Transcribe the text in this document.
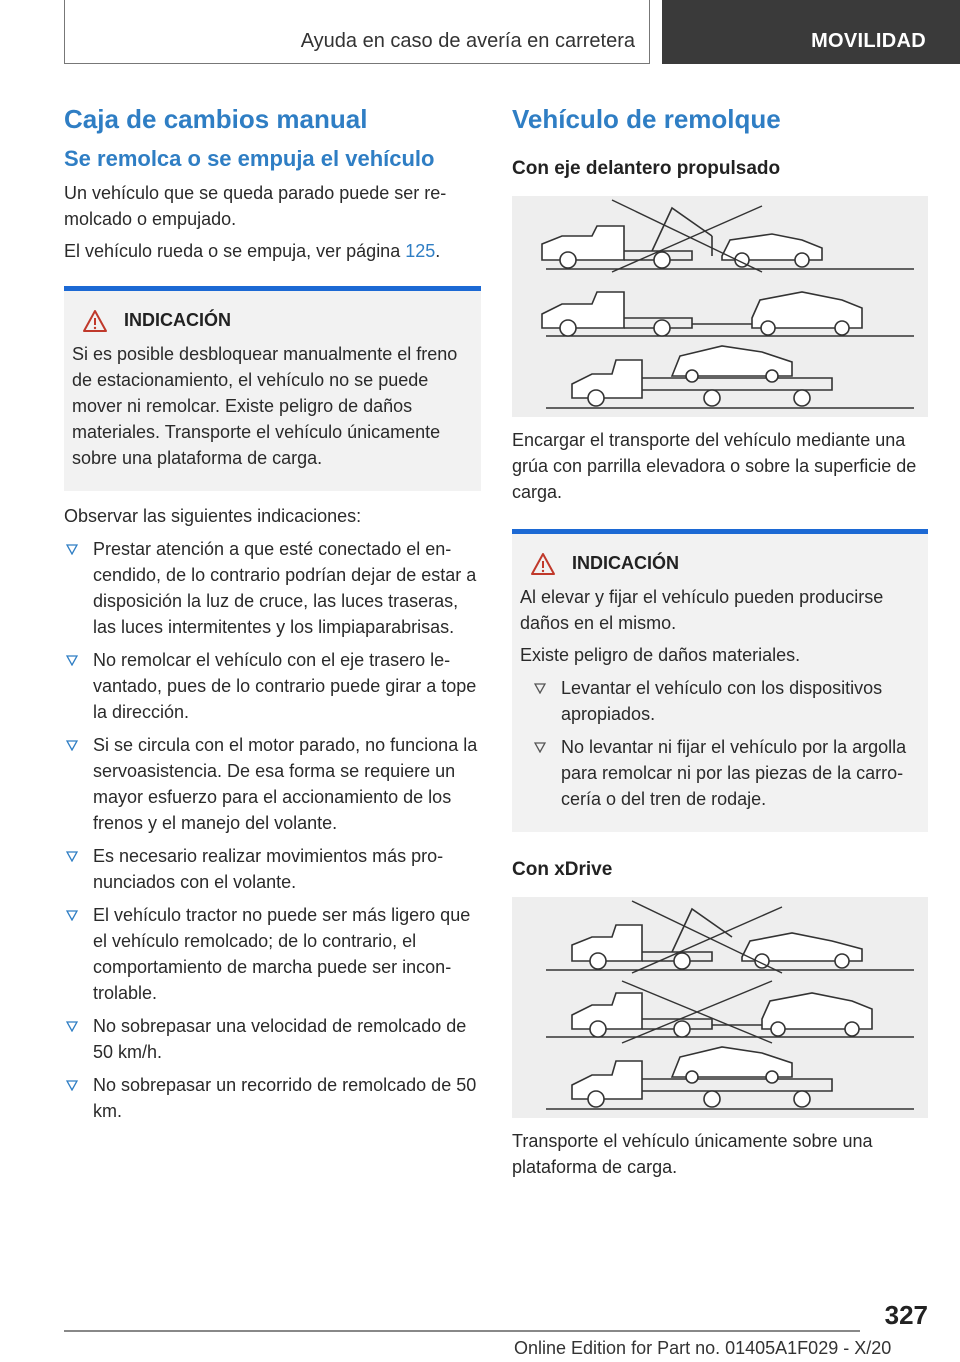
Ayuda en caso de avería en carretera	MOVILIDAD
Caja de cambios manual
Se remolca o se empuja el vehículo

Un vehículo que se queda parado puede ser remolcado o empujado.

El vehículo rueda o se empuja, ver página 125.

INDICACIÓN

Si es posible desbloquear manualmente el freno de estacionamiento, el vehículo no se puede mover ni remolcar. Existe peligro de daños materiales. Transporte el vehículo únicamente sobre una plataforma de carga.

Observar las siguientes indicaciones:

Prestar atención a que esté conectado el encendido, de lo contrario podrían dejar de estar a disposición la luz de cruce, las luces traseras, las luces intermitentes y los limpiaparabrisas.
No remolcar el vehículo con el eje trasero levantado, pues de lo contrario puede girar a tope la dirección.
Si se circula con el motor parado, no funciona la servoasistencia. De esa forma se requiere un mayor esfuerzo para el accionamiento de los frenos y el manejo del volante.
Es necesario realizar movimientos más pronunciados con el volante.
El vehículo tractor no puede ser más ligero que el vehículo remolcado; de lo contrario, el comportamiento de marcha puede ser incontrolable.
No sobrepasar una velocidad de remolcado de 50 km/h.
No sobrepasar un recorrido de remolcado de 50 km.
Vehículo de remolque
Con eje delantero propulsado

Encargar el transporte del vehículo mediante una grúa con parrilla elevadora o sobre la superficie de carga.

INDICACIÓN

Al elevar y fijar el vehículo pueden producirse daños en el mismo.

Existe peligro de daños materiales.

Levantar el vehículo con los dispositivos apropiados.
No levantar ni fijar el vehículo por la argolla para remolcar ni por las piezas de la carrocería o del tren de rodaje.
Con xDrive

Transporte el vehículo únicamente sobre una plataforma de carga.

327
Online Edition for Part no. 01405A1F029 - X/20
